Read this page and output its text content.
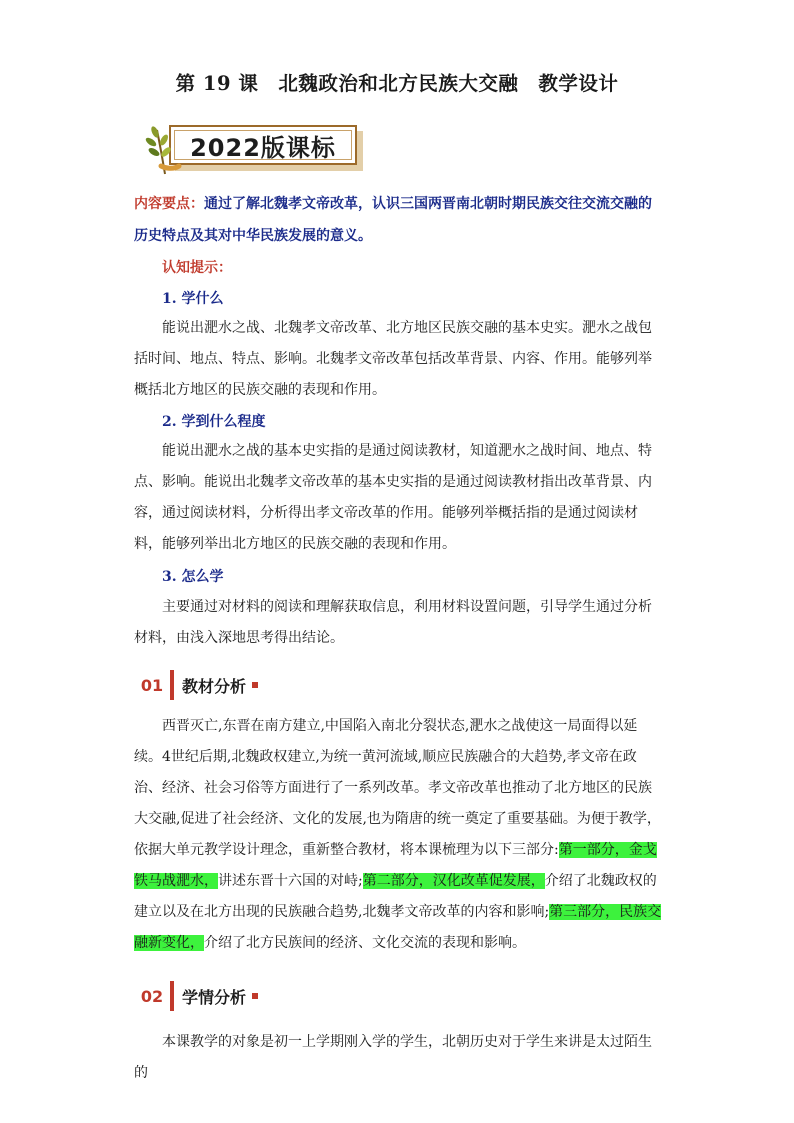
第 19 课　北魏政治和北方民族大交融　教学设计
2022版课标
内容要点：通过了解北魏孝文帝改革，认识三国两晋南北朝时期民族交往交流交融的历史特点及其对中华民族发展的意义。
认知提示：
1. 学什么
能说出淝水之战、北魏孝文帝改革、北方地区民族交融的基本史实。淝水之战包括时间、地点、特点、影响。北魏孝文帝改革包括改革背景、内容、作用。能够列举概括北方地区的民族交融的表现和作用。
2. 学到什么程度
能说出淝水之战的基本史实指的是通过阅读教材，知道淝水之战时间、地点、特点、影响。能说出北魏孝文帝改革的基本史实指的是通过阅读教材指出改革背景、内容，通过阅读材料，分析得出孝文帝改革的作用。能够列举概括指的是通过阅读材料，能够列举出北方地区的民族交融的表现和作用。
3. 怎么学
主要通过对材料的阅读和理解获取信息，利用材料设置问题，引导学生通过分析材料，由浅入深地思考得出结论。
01 教材分析
西晋灭亡,东晋在南方建立,中国陷入南北分裂状态,淝水之战使这一局面得以延续。4世纪后期,北魏政权建立,为统一黄河流域,顺应民族融合的大趋势,孝文帝在政治、经济、社会习俗等方面进行了一系列改革。孝文帝改革也推动了北方地区的民族大交融,促进了社会经济、文化的发展,也为隋唐的统一奠定了重要基础。为便于教学，依据大单元教学设计理念，重新整合教材，将本课梳理为以下三部分:第一部分，金戈铁马战淝水，讲述东晋十六国的对峙;第二部分，汉化改革促发展，介绍了北魏政权的建立以及在北方出现的民族融合趋势,北魏孝文帝改革的内容和影响;第三部分，民族交融新变化，介绍了北方民族间的经济、文化交流的表现和影响。
02 学情分析
本课教学的对象是初一上学期刚入学的学生，北朝历史对于学生来讲是太过陌生的
